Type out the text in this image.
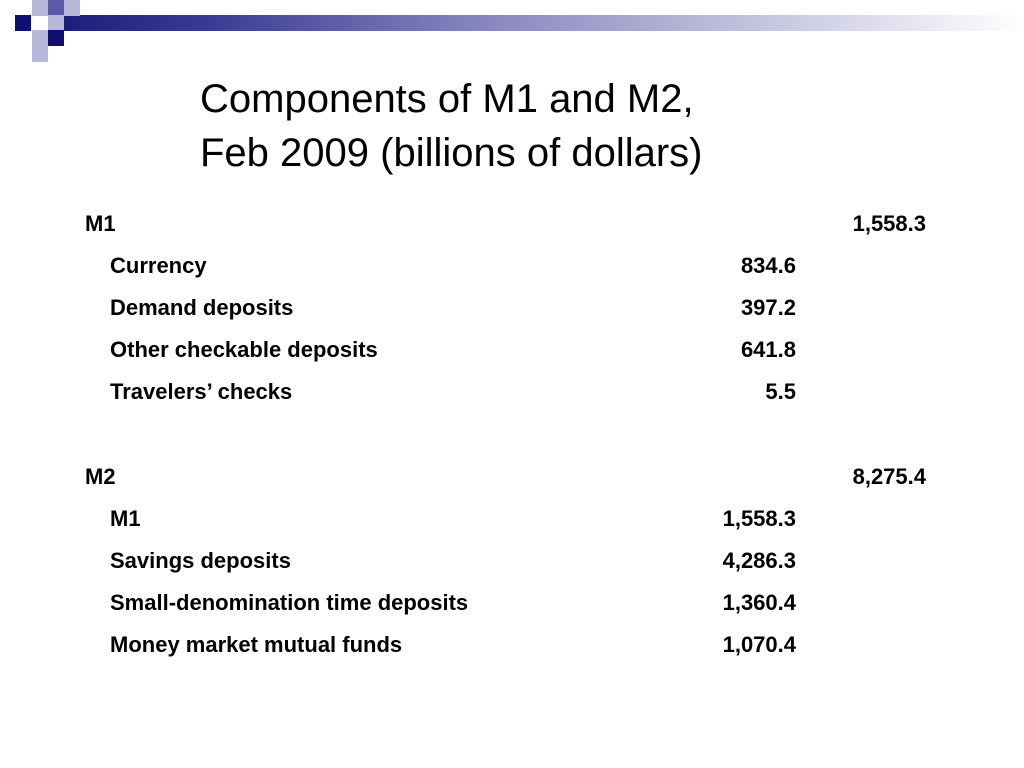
Components of M1 and M2,
Feb 2009 (billions of dollars)
M1	1,558.3
Currency	834.6
Demand deposits	397.2
Other checkable deposits	641.8
Travelers’ checks	5.5
M2	8,275.4
M1	1,558.3
Savings deposits	4,286.3
Small-denomination time deposits	1,360.4
Money market mutual funds	1,070.4
